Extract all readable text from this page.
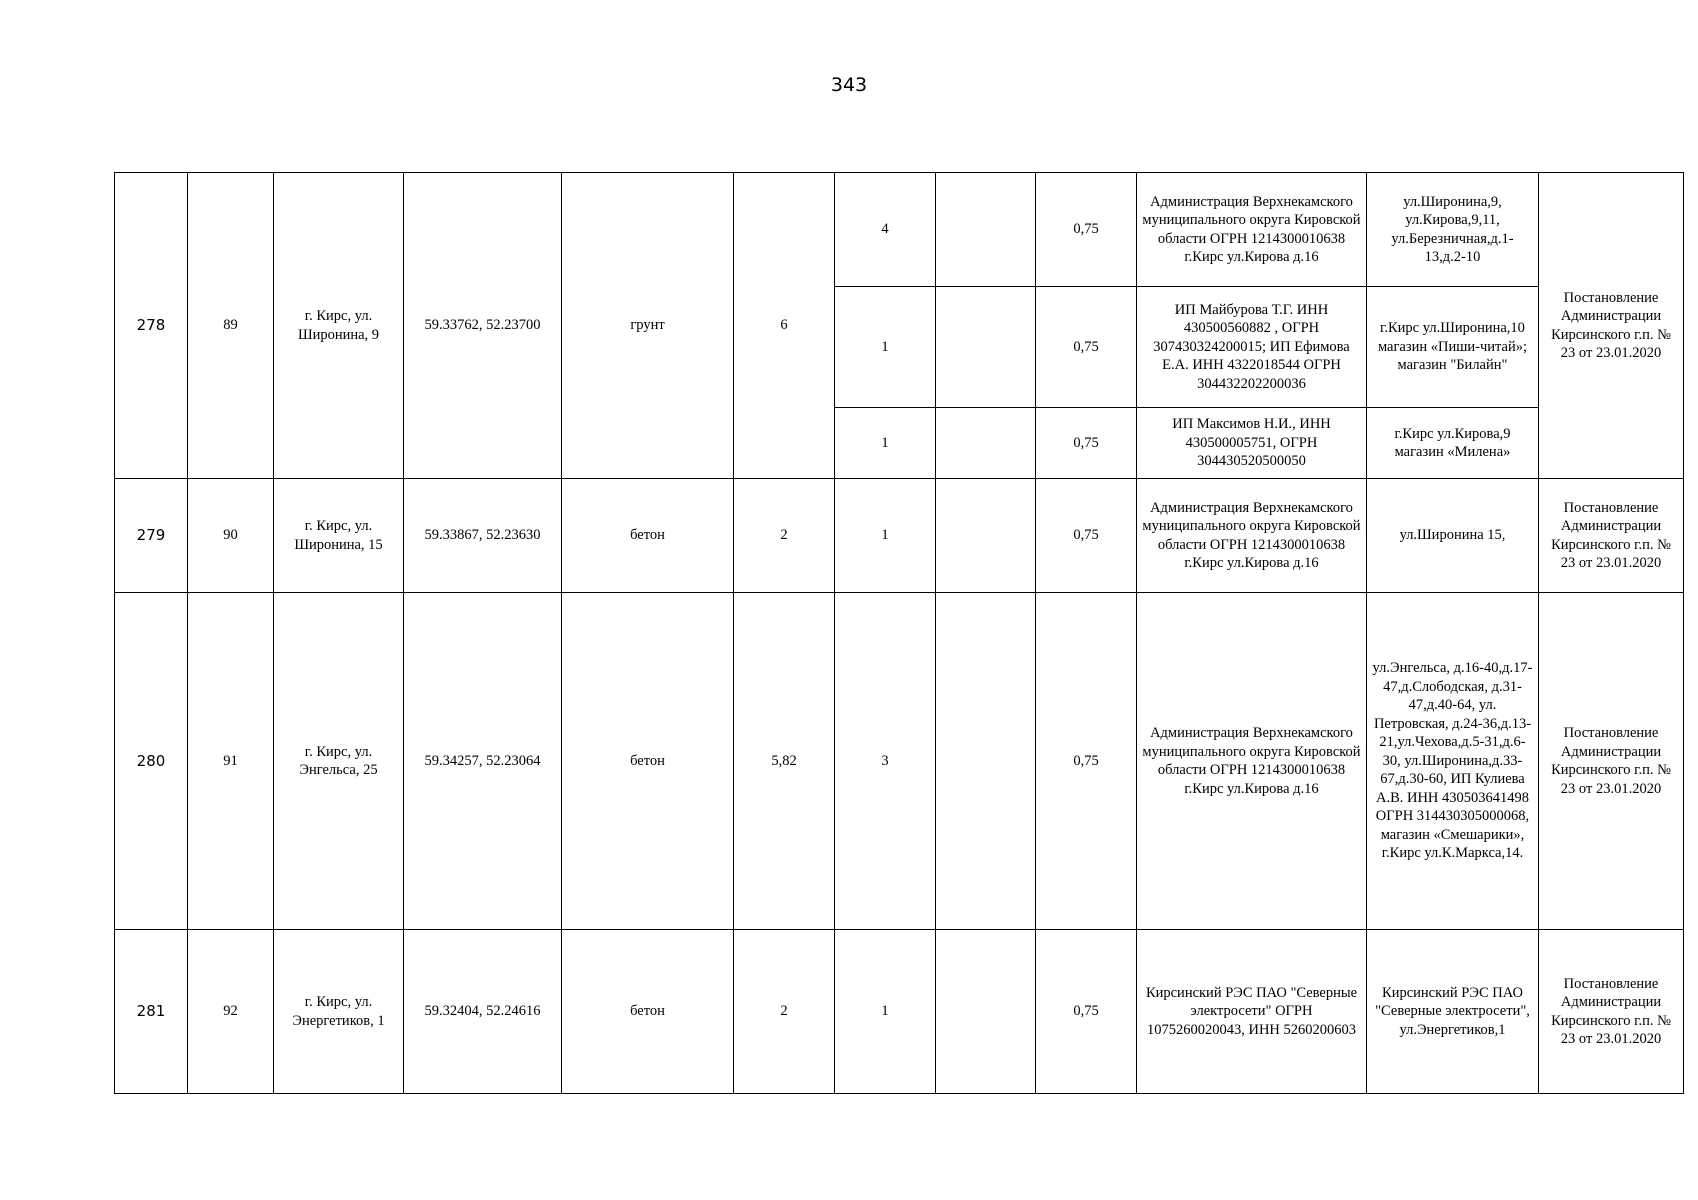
343
278	89	г. Кирс, ул. Широнина, 9	59.33762, 52.23700	грунт	6	4		0,75	Администрация Верхнекамского муниципального округа Кировской области ОГРН 1214300010638 г.Кирс ул.Кирова д.16	ул.Широнина,9, ул.Кирова,9,11, ул.Березничная,д.1-13,д.2-10	Постановление Администрации Кирсинского г.п. № 23 от 23.01.2020
						1		0,75	ИП Майбурова Т.Г. ИНН 430500560882 , ОГРН 307430324200015; ИП Ефимова Е.А. ИНН 4322018544 ОГРН 304432202200036	г.Кирс ул.Широнина,10 магазин «Пиши-читай»; магазин "Билайн"	
						1		0,75	ИП Максимов Н.И., ИНН 430500005751, ОГРН 304430520500050	г.Кирс ул.Кирова,9 магазин «Милена»	
279	90	г. Кирс, ул. Широнина, 15	59.33867, 52.23630	бетон	2	1		0,75	Администрация Верхнекамского муниципального округа Кировской области ОГРН 1214300010638 г.Кирс ул.Кирова д.16	ул.Широнина 15,	Постановление Администрации Кирсинского г.п. № 23 от 23.01.2020
280	91	г. Кирс, ул. Энгельса, 25	59.34257, 52.23064	бетон	5,82	3		0,75	Администрация Верхнекамского муниципального округа Кировской области ОГРН 1214300010638 г.Кирс ул.Кирова д.16	ул.Энгельса, д.16-40,д.17-47,д.Слободская, д.31-47,д.40-64, ул. Петровская, д.24-36,д.13-21,ул.Чехова,д.5-31,д.6-30, ул.Широнина,д.33-67,д.30-60, ИП Кулиева А.В. ИНН 430503641498 ОГРН 314430305000068, магазин «Смешарики», г.Кирс ул.К.Маркса,14.	Постановление Администрации Кирсинского г.п. № 23 от 23.01.2020
281	92	г. Кирс, ул. Энергетиков, 1	59.32404, 52.24616	бетон	2	1		0,75	Кирсинский РЭС ПАО "Северные электросети" ОГРН 1075260020043, ИНН 5260200603	Кирсинский РЭС ПАО "Северные электросети", ул.Энергетиков,1	Постановление Администрации Кирсинского г.п. № 23 от 23.01.2020
